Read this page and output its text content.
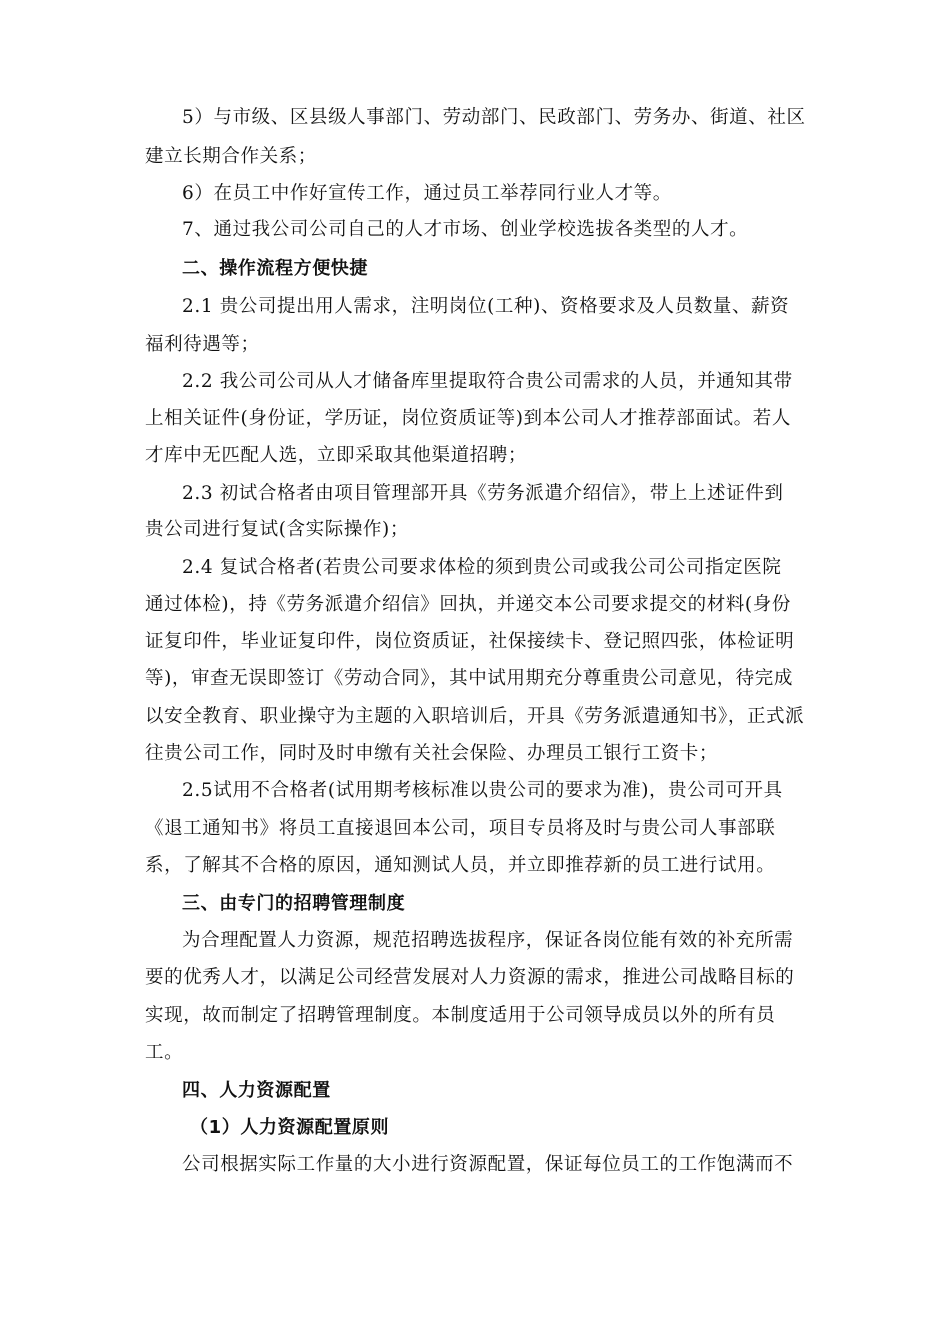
5）与市级、区县级人事部门、劳动部门、民政部门、劳务办、街道、社区
建立长期合作关系；
6）在员工中作好宣传工作，通过员工举荐同行业人才等。
7、通过我公司公司自己的人才市场、创业学校选拔各类型的人才。
二、操作流程方便快捷
2.1 贵公司提出用人需求，注明岗位(工种)、资格要求及人员数量、薪资
福利待遇等；
2.2 我公司公司从人才储备库里提取符合贵公司需求的人员，并通知其带
上相关证件(身份证，学历证，岗位资质证等)到本公司人才推荐部面试。若人
才库中无匹配人选，立即采取其他渠道招聘；
2.3 初试合格者由项目管理部开具《劳务派遣介绍信》，带上上述证件到
贵公司进行复试(含实际操作)；
2.4 复试合格者(若贵公司要求体检的须到贵公司或我公司公司指定医院
通过体检)，持《劳务派遣介绍信》回执，并递交本公司要求提交的材料(身份
证复印件，毕业证复印件，岗位资质证，社保接续卡、登记照四张，体检证明
等)，审查无误即签订《劳动合同》，其中试用期充分尊重贵公司意见，待完成
以安全教育、职业操守为主题的入职培训后，开具《劳务派遣通知书》，正式派
往贵公司工作，同时及时申缴有关社会保险、办理员工银行工资卡；
2.5试用不合格者(试用期考核标准以贵公司的要求为准)，贵公司可开具
《退工通知书》将员工直接退回本公司，项目专员将及时与贵公司人事部联
系，了解其不合格的原因，通知测试人员，并立即推荐新的员工进行试用。
三、由专门的招聘管理制度
为合理配置人力资源，规范招聘选拔程序，保证各岗位能有效的补充所需
要的优秀人才，以满足公司经营发展对人力资源的需求，推进公司战略目标的
实现，故而制定了招聘管理制度。本制度适用于公司领导成员以外的所有员
工。
四、人力资源配置
（1）人力资源配置原则
公司根据实际工作量的大小进行资源配置，保证每位员工的工作饱满而不
